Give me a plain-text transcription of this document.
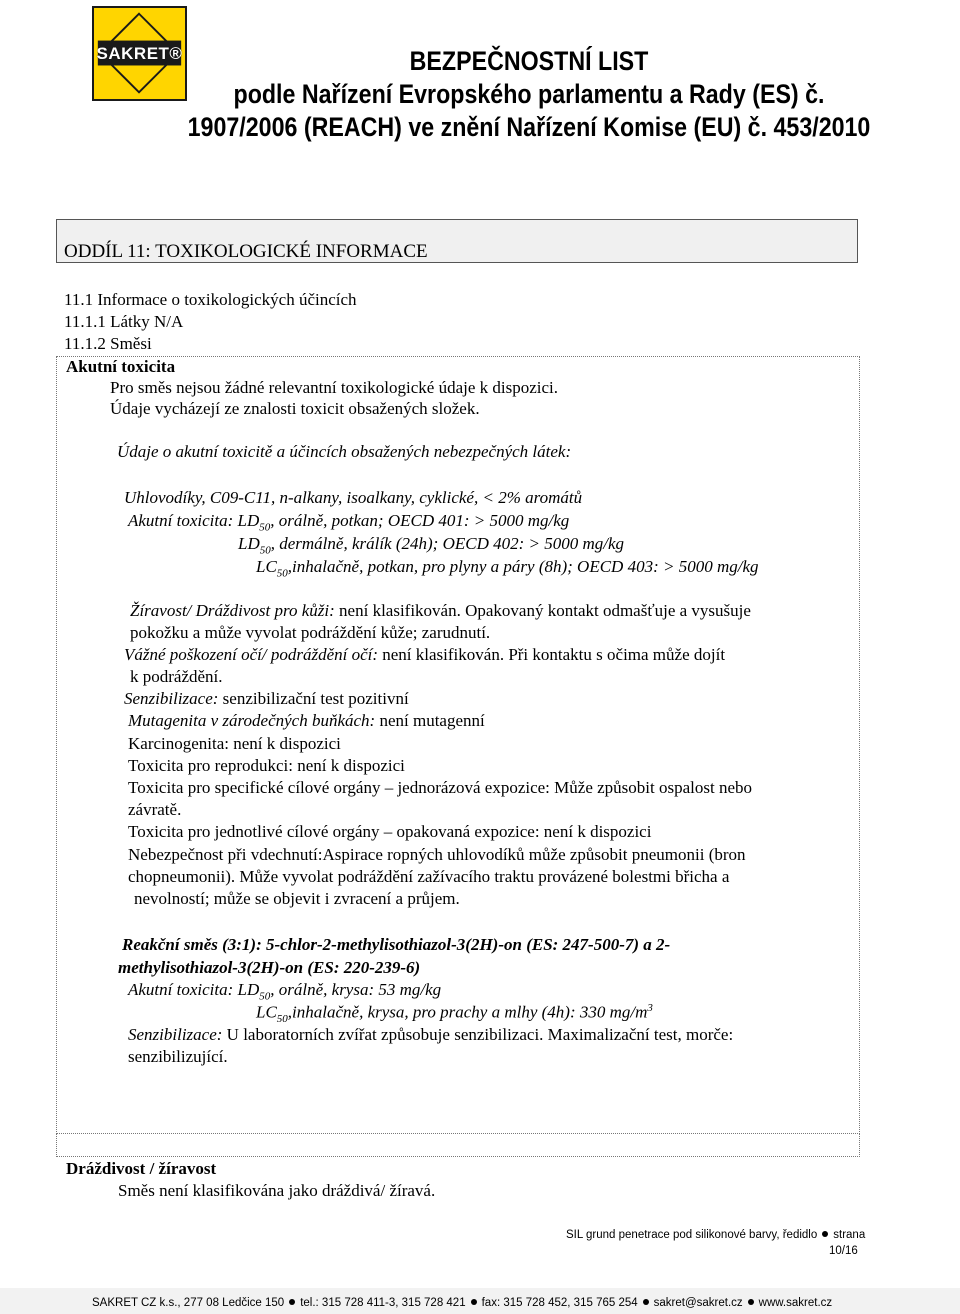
SAKRET®	BEZPEČNOSTNÍ LIST
podle Nařízení Evropského parlamentu a Rady (ES) č.
1907/2006 (REACH) ve znění Nařízení Komise (EU) č. 453/2010
ODDÍL 11: TOXIKOLOGICKÉ INFORMACE
11.1 Informace o toxikologických účincích
11.1.1 Látky N/A
11.1.2 Směsi
Akutní toxicita
Pro směs nejsou žádné relevantní toxikologické údaje k dispozici.
Údaje vycházejí ze znalosti toxicit obsažených složek.
Údaje o akutní toxicitě a účincích obsažených nebezpečných látek:
Uhlovodíky, C09-C11, n-alkany, isoalkany, cyklické, < 2% aromátů
Akutní toxicita: $LD_{50}$, orálně, potkan; OECD 401: > 5000 mg/kg
$LD_{50}$, dermálně, králík (24h); OECD 402: > 5000 mg/kg
$LC_{50},inhalačně$, potkan, pro plyny a páry (8h); OECD 403: > 5000 mg/kg
Žíravost/ Dráždivost pro kůži: není klasifikován. Opakovaný kontakt odmašťuje a vysušuje
pokožku a může vyvolat podráždění kůže; zarudnutí.
Vážné poškození očí/ podráždění očí: není klasifikován. Při kontaktu s očima může dojít
k podráždění.
Senzibilizace: senzibilizační test pozitivní
Mutagenita v zárodečných buňkách: není mutagenní
Karcinogenita: není k dispozici
Toxicita pro reprodukci: není k dispozici
Toxicita pro specifické cílové orgány – jednorázová expozice: Může způsobit ospalost nebo
závratě.
Toxicita pro jednotlivé cílové orgány – opakovaná expozice: není k dispozici
Nebezpečnost při vdechnutí:Aspirace ropných uhlovodíků může způsobit pneumonii (bron
chopneumonii). Může vyvolat podráždění zažívacího traktu provázené bolestmi břicha a
nevolností; může se objevit i zvracení a průjem.
Reakční směs (3:1): 5-chlor-2-methylisothiazol-3(2H)-on (ES: 247-500-7) a 2-
methylisothiazol-3(2H)-on (ES: 220-239-6)
Akutní toxicita: $LD_{50}$, orálně, krysa: 53 mg/kg
$LC_{50},inhalačně$, krysa, pro prachy a mlhy (4h): 330 $mg/m^3$
Senzibilizace: U laboratorních zvířat způsobuje senzibilizaci. Maximalizační test, morče:
senzibilizující.
Dráždivost / žíravost
Směs není klasifikována jako dráždivá/ žíravá.
SIL grund penetrace pod silikonové barvy, ředidlo strana
10/16
SAKRET CZ k.s., 277 08 Ledčice 150 tel.: 315 728 411-3, 315 728 421 fax: 315 728 452, 315 765 254 sakret@sakret.cz www.sakret.cz
